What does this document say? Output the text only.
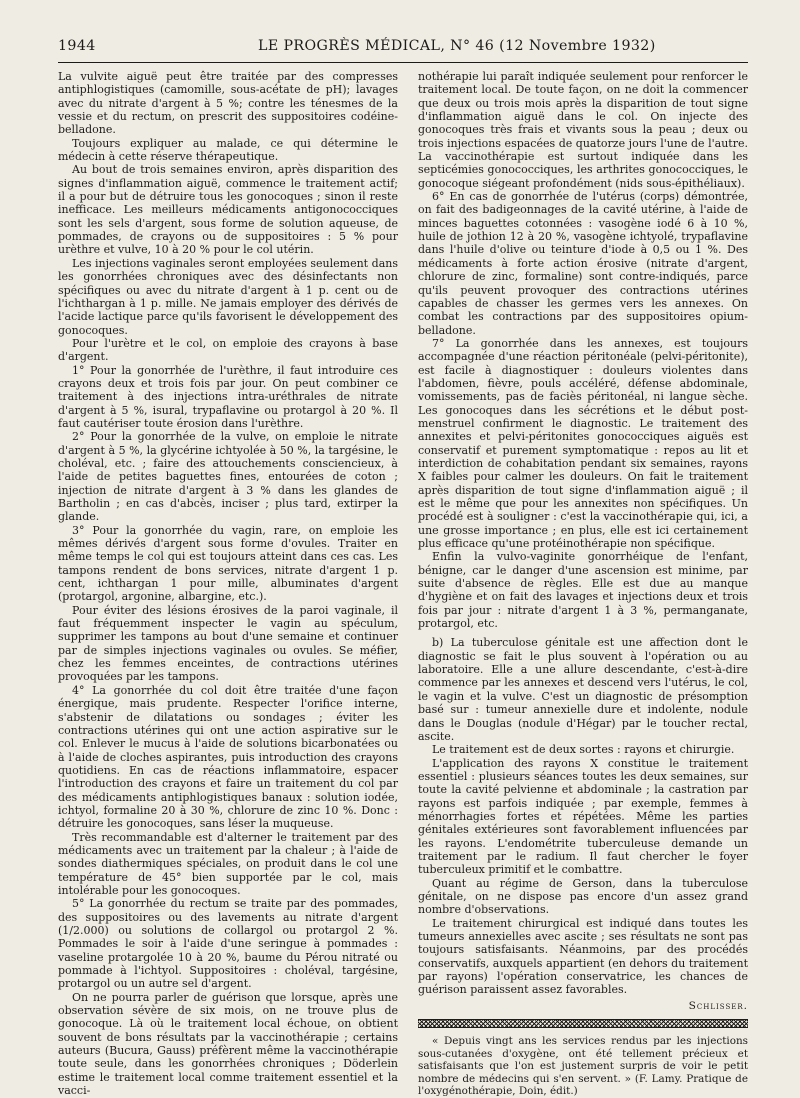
1944	LE PROGRÈS MÉDICAL, N° 46 (12 Novembre 1932)

La vulvite aiguë peut être traitée par des compresses antiphlogistiques (camomille, sous-acétate de pH); lavages avec du nitrate d'argent à 5 %; contre les ténesmes de la vessie et du rectum, on prescrit des suppositoires codéine-belladone.

Toujours expliquer au malade, ce qui détermine le médecin à cette réserve thérapeutique.

Au bout de trois semaines environ, après disparition des signes d'inflammation aiguë, commence le traitement actif; il a pour but de détruire tous les gonocoques ; sinon il reste inefficace. Les meilleurs médicaments antigonococciques sont les sels d'argent, sous forme de solution aqueuse, de pommades, de crayons ou de suppositoires : 5 % pour urèthre et vulve, 10 à 20 % pour le col utérin.

Les injections vaginales seront employées seulement dans les gonorrhées chroniques avec des désinfectants non spécifiques ou avec du nitrate d'argent à 1 p. cent ou de l'ichthargan à 1 p. mille. Ne jamais employer des dérivés de l'acide lactique parce qu'ils favorisent le développement des gonocoques.

Pour l'urètre et le col, on emploie des crayons à base d'argent.

1° Pour la gonorrhée de l'urèthre, il faut introduire ces crayons deux et trois fois par jour. On peut combiner ce traitement à des injections intra-uréthrales de nitrate d'argent à 5 %, isural, trypaflavine ou protargol à 20 %. Il faut cautériser toute érosion dans l'urèthre.

2° Pour la gonorrhée de la vulve, on emploie le nitrate d'argent à 5 %, la glycérine ichtyolée à 50 %, la targésine, le choléval, etc. ; faire des attouchements consciencieux, à l'aide de petites baguettes fines, entourées de coton ; injection de nitrate d'argent à 3 % dans les glandes de Bartholin ; en cas d'abcès, inciser ; plus tard, extirper la glande.

3° Pour la gonorrhée du vagin, rare, on emploie les mêmes dérivés d'argent sous forme d'ovules. Traiter en même temps le col qui est toujours atteint dans ces cas. Les tampons rendent de bons services, nitrate d'argent 1 p. cent, ichthargan 1 pour mille, albuminates d'argent (protargol, argonine, albargine, etc.).

Pour éviter des lésions érosives de la paroi vaginale, il faut fréquemment inspecter le vagin au spéculum, supprimer les tampons au bout d'une semaine et continuer par de simples injections vaginales ou ovules. Se méfier, chez les femmes enceintes, de contractions utérines provoquées par les tampons.

4° La gonorrhée du col doit être traitée d'une façon énergique, mais prudente. Respecter l'orifice interne, s'abstenir de dilatations ou sondages ; éviter les contractions utérines qui ont une action aspirative sur le col. Enlever le mucus à l'aide de solutions bicarbonatées ou à l'aide de cloches aspirantes, puis introduction des crayons quotidiens. En cas de réactions inflammatoire, espacer l'introduction des crayons et faire un traitement du col par des médicaments antiphlogistiques banaux : solution iodée, ichtyol, formaline 20 à 30 %, chlorure de zinc 10 %. Donc : détruire les gonocoques, sans léser la muqueuse.

Très recommandable est d'alterner le traitement par des médicaments avec un traitement par la chaleur ; à l'aide de sondes diathermiques spéciales, on produit dans le col une température de 45° bien supportée par le col, mais intolérable pour les gonocoques.

5° La gonorrhée du rectum se traite par des pommades, des suppositoires ou des lavements au nitrate d'argent (1/2.000) ou solutions de collargol ou protargol 2 %. Pommades le soir à l'aide d'une seringue à pommades : vaseline protargolée 10 à 20 %, baume du Pérou nitraté ou pommade à l'ichtyol. Suppositoires : choléval, targésine, protargol ou un autre sel d'argent.

On ne pourra parler de guérison que lorsque, après une observation sévère de six mois, on ne trouve plus de gonocoque. Là où le traitement local échoue, on obtient souvent de bons résultats par la vaccinothérapie ; certains auteurs (Bucura, Gauss) préfèrent même la vaccinothérapie toute seule, dans les gonorrhées chroniques ; Döderlein estime le traitement local comme traitement essentiel et la vacci-

nothérapie lui paraît indiquée seulement pour renforcer le traitement local. De toute façon, on ne doit la commencer que deux ou trois mois après la disparition de tout signe d'inflammation aiguë dans le col. On injecte des gonocoques très frais et vivants sous la peau ; deux ou trois injections espacées de quatorze jours l'une de l'autre. La vaccinothérapie est surtout indiquée dans les septicémies gonococciques, les arthrites gonococciques, le gonocoque siégeant profondément (nids sous-épithéliaux).

6° En cas de gonorrhée de l'utérus (corps) démontrée, on fait des badigeonnages de la cavité utérine, à l'aide de minces baguettes cotonnées : vasogène iodé 6 à 10 %, huile de jothion 12 à 20 %, vasogène ichtyolé, trypaflavine dans l'huile d'olive ou teinture d'iode à 0,5 ou 1 %. Des médicaments à forte action érosive (nitrate d'argent, chlorure de zinc, formaline) sont contre-indiqués, parce qu'ils peuvent provoquer des contractions utérines capables de chasser les germes vers les annexes. On combat les contractions par des suppositoires opium-belladone.

7° La gonorrhée dans les annexes, est toujours accompagnée d'une réaction péritonéale (pelvi-péritonite), est facile à diagnostiquer : douleurs violentes dans l'abdomen, fièvre, pouls accéléré, défense abdominale, vomissements, pas de faciès péritonéal, ni langue sèche. Les gonocoques dans les sécrétions et le début post-menstruel confirment le diagnostic. Le traitement des annexites et pelvi-péritonites gonococciques aiguës est conservatif et purement symptomatique : repos au lit et interdiction de cohabitation pendant six semaines, rayons X faibles pour calmer les douleurs. On fait le traitement après disparition de tout signe d'inflammation aiguë ; il est le même que pour les annexites non spécifiques. Un procédé est à souligner : c'est la vaccinothérapie qui, ici, a une grosse importance ; en plus, elle est ici certainement plus efficace qu'une protéinothérapie non spécifique.

Enfin la vulvo-vaginite gonorrhéique de l'enfant, bénigne, car le danger d'une ascension est minime, par suite d'absence de règles. Elle est due au manque d'hygiène et on fait des lavages et injections deux et trois fois par jour : nitrate d'argent 1 à 3 %, permanganate, protargol, etc.

b) La tuberculose génitale est une affection dont le diagnostic se fait le plus souvent à l'opération ou au laboratoire. Elle a une allure descendante, c'est-à-dire commence par les annexes et descend vers l'utérus, le col, le vagin et la vulve. C'est un diagnostic de présomption basé sur : tumeur annexielle dure et indolente, nodule dans le Douglas (nodule d'Hégar) par le toucher rectal, ascite.

Le traitement est de deux sortes : rayons et chirurgie.

L'application des rayons X constitue le traitement essentiel : plusieurs séances toutes les deux semaines, sur toute la cavité pelvienne et abdominale ; la castration par rayons est parfois indiquée ; par exemple, femmes à ménorrhagies fortes et répétées. Même les parties génitales extérieures sont favorablement influencées par les rayons. L'endométrite tuberculeuse demande un traitement par le radium. Il faut chercher le foyer tuberculeux primitif et le combattre.

Quant au régime de Gerson, dans la tuberculose génitale, on ne dispose pas encore d'un assez grand nombre d'observations.

Le traitement chirurgical est indiqué dans toutes les tumeurs annexielles avec ascite ; ses résultats ne sont pas toujours satisfaisants. Néanmoins, par des procédés conservatifs, auxquels appartient (en dehors du traitement par rayons) l'opération conservatrice, les chances de guérison paraissent assez favorables.

Schlisser.

« Depuis vingt ans les services rendus par les injections sous-cutanées d'oxygène, ont été tellement précieux et satisfaisants que l'on est justement surpris de voir le petit nombre de médecins qui s'en servent. » (F. Lamy. Pratique de l'oxygénothérapie, Doin, édit.)
